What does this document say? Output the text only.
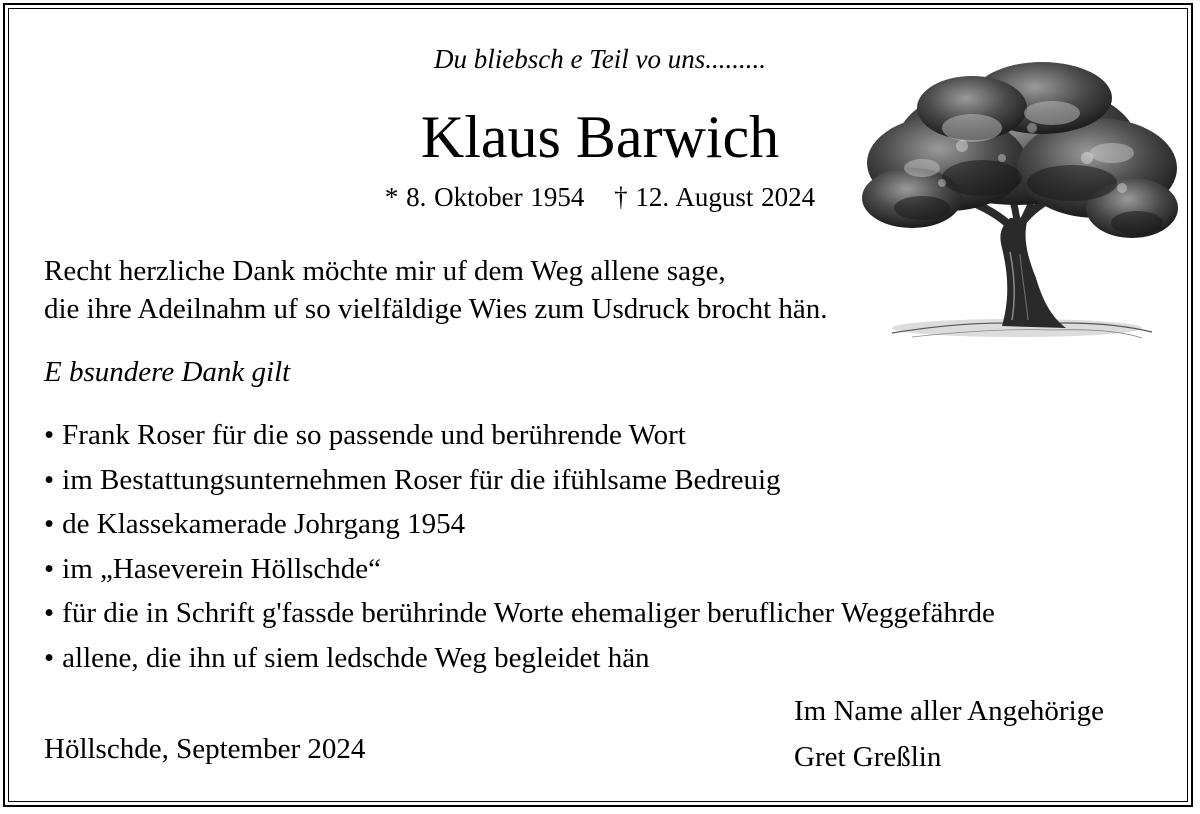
Du bliebsch e Teil vo uns.........
Klaus Barwich
* 8. Oktober 1954 † 12. August 2024
Recht herzliche Dank möchte mir uf dem Weg allene sage,
die ihre Adeilnahm uf so vielfäldige Wies zum Usdruck brocht hän.
E bsundere Dank gilt
• Frank Roser für die so passende und berührende Wort
• im Bestattungsunternehmen Roser für die ifühlsame Bedreuig
• de Klassekamerade Johrgang 1954
• im „Haseverein Höllschde“
• für die in Schrift g'fassde berührinde Worte ehemaliger beruflicher Weggefährde
• allene, die ihn uf siem ledschde Weg begleidet hän
Höllschde, September 2024
Im Name aller Angehörige
Gret Greßlin
